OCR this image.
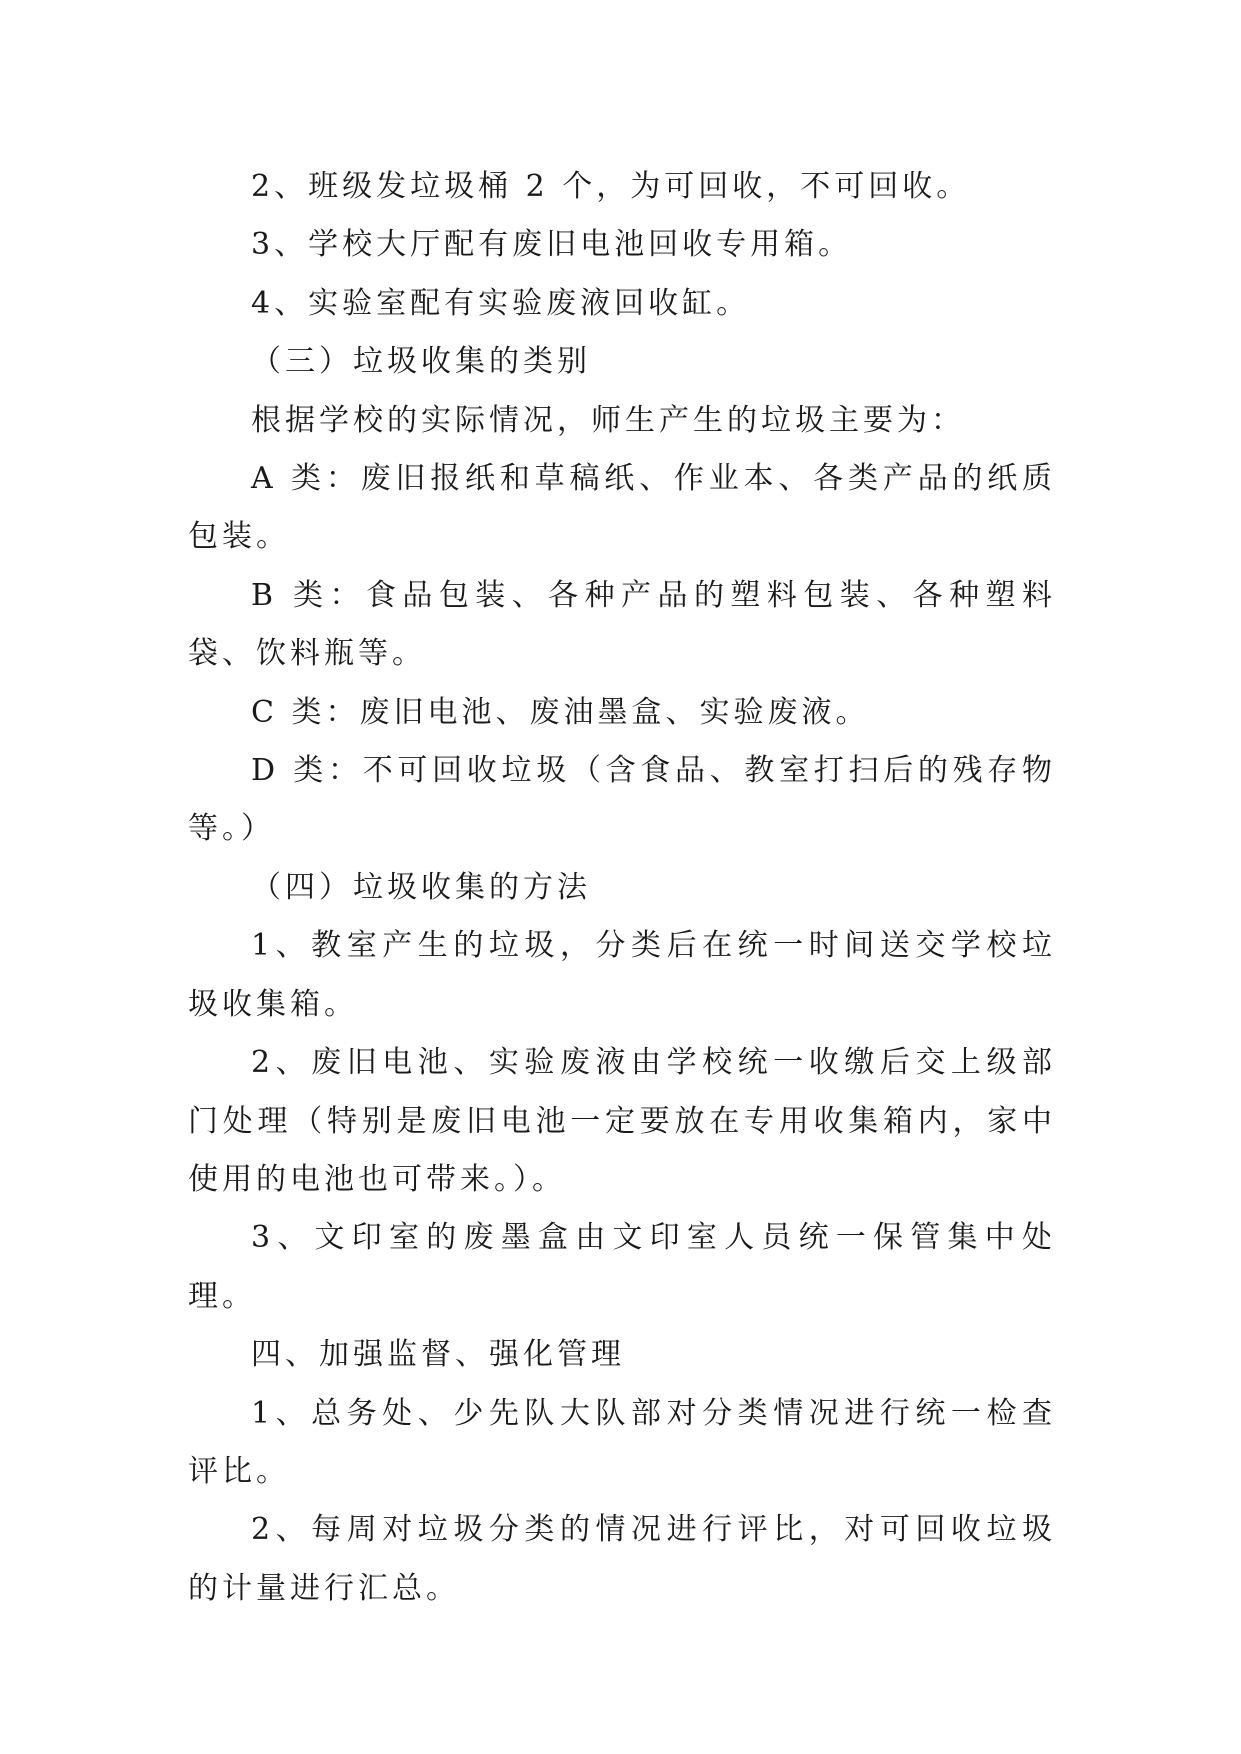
2、班级发垃圾桶 2 个，为可回收，不可回收。

3、学校大厅配有废旧电池回收专用箱。

4、实验室配有实验废液回收缸。

（三）垃圾收集的类别

根据学校的实际情况，师生产生的垃圾主要为：

A 类：废旧报纸和草稿纸、作业本、各类产品的纸质包装。

B 类：食品包装、各种产品的塑料包装、各种塑料袋、饮料瓶等。

C 类：废旧电池、废油墨盒、实验废液。

D 类：不可回收垃圾（含食品、教室打扫后的残存物等。）

（四）垃圾收集的方法

1、教室产生的垃圾，分类后在统一时间送交学校垃圾收集箱。

2、废旧电池、实验废液由学校统一收缴后交上级部门处理（特别是废旧电池一定要放在专用收集箱内，家中使用的电池也可带来。）。

3、文印室的废墨盒由文印室人员统一保管集中处理。

四、加强监督、强化管理

1、总务处、少先队大队部对分类情况进行统一检查评比。

2、每周对垃圾分类的情况进行评比，对可回收垃圾的计量进行汇总。
